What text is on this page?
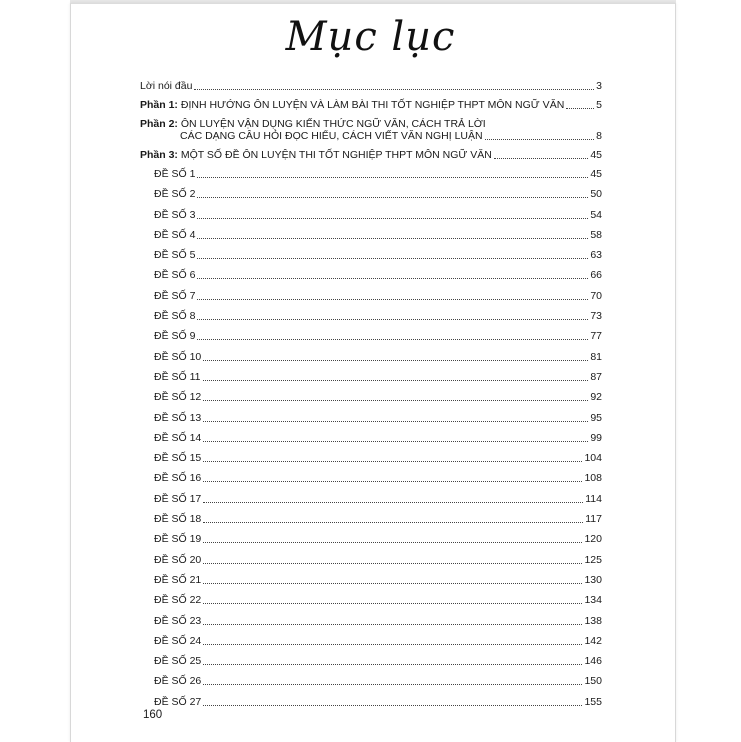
Mục lục
Lời nói đầu	3
Phần 1: ĐỊNH HƯỚNG ÔN LUYỆN VÀ LÀM BÀI THI TỐT NGHIỆP THPT MÔN NGỮ VĂN	5
Phần 2: ÔN LUYỆN VẬN DỤNG KIẾN THỨC NGỮ VĂN, CÁCH TRẢ LỜI
CÁC DẠNG CÂU HỎI ĐỌC HIỂU, CÁCH VIẾT VĂN NGHỊ LUẬN	8
Phần 3: MỘT SỐ ĐỀ ÔN LUYỆN THI TỐT NGHIỆP THPT MÔN NGỮ VĂN	45
ĐỀ SỐ 1	45
ĐỀ SỐ 2	50
ĐỀ SỐ 3	54
ĐỀ SỐ 4	58
ĐỀ SỐ 5	63
ĐỀ SỐ 6	66
ĐỀ SỐ 7	70
ĐỀ SỐ 8	73
ĐỀ SỐ 9	77
ĐỀ SỐ 10	81
ĐỀ SỐ 11	87
ĐỀ SỐ 12	92
ĐỀ SỐ 13	95
ĐỀ SỐ 14	99
ĐỀ SỐ 15	104
ĐỀ SỐ 16	108
ĐỀ SỐ 17	114
ĐỀ SỐ 18	117
ĐỀ SỐ 19	120
ĐỀ SỐ 20	125
ĐỀ SỐ 21	130
ĐỀ SỐ 22	134
ĐỀ SỐ 23	138
ĐỀ SỐ 24	142
ĐỀ SỐ 25	146
ĐỀ SỐ 26	150
ĐỀ SỐ 27	155
160
